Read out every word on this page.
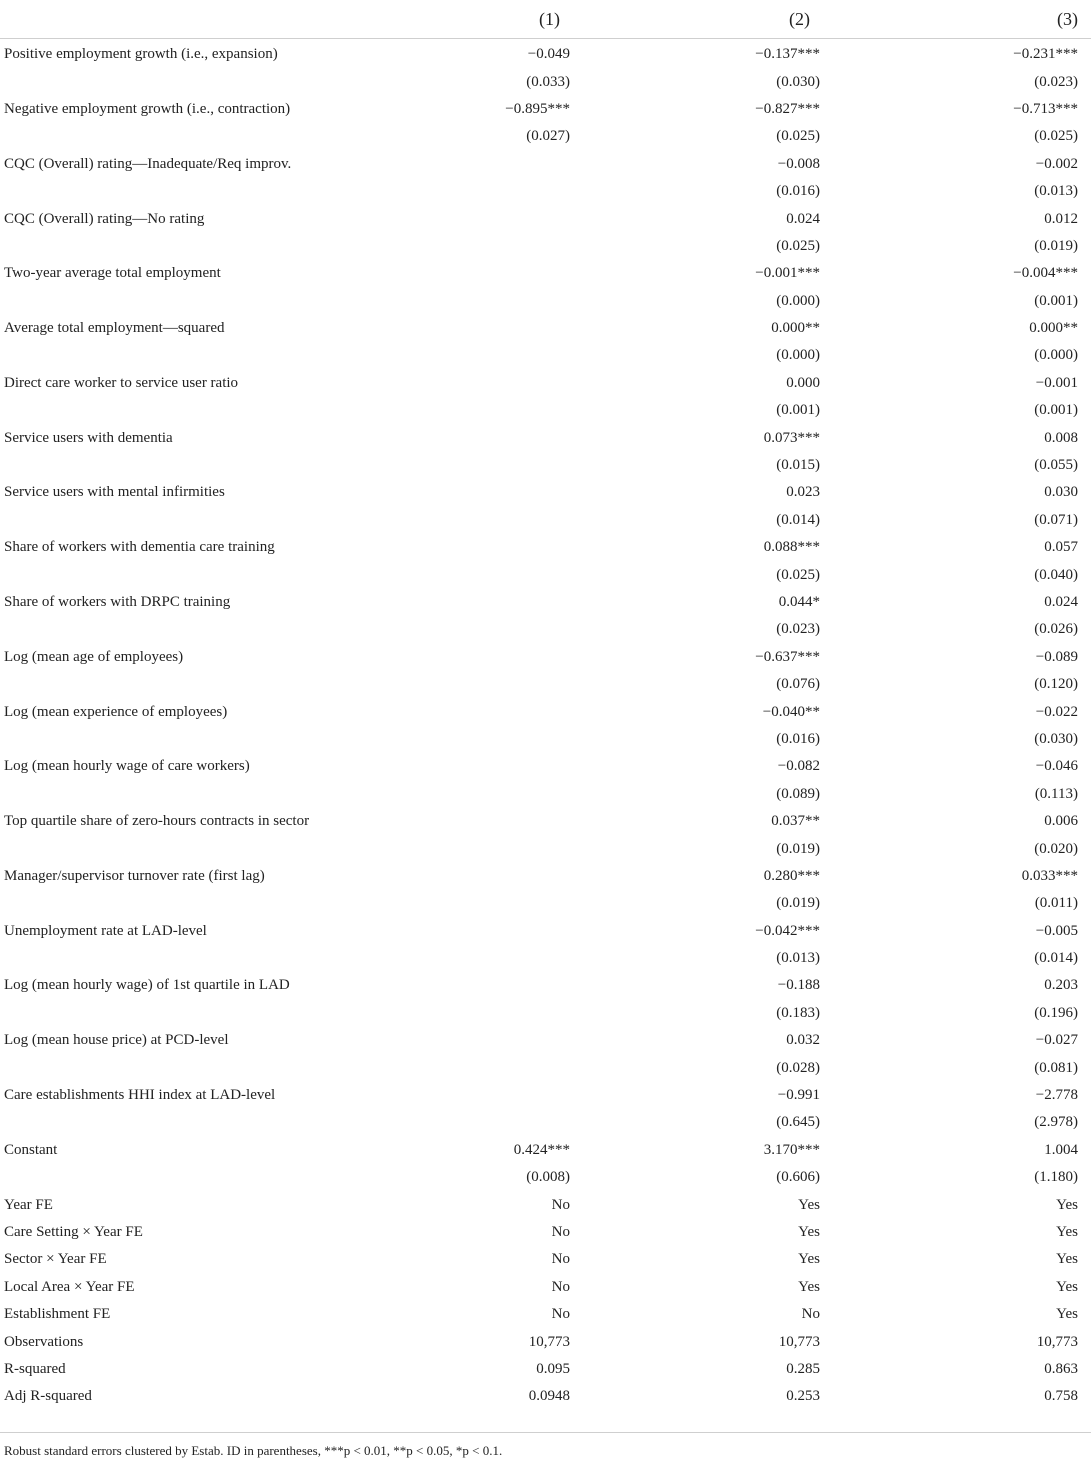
	(1)	(2)	(3)
Positive employment growth (i.e., expansion)	−0.049	−0.137***	−0.231***
	(0.033)	(0.030)	(0.023)
Negative employment growth (i.e., contraction)	−0.895***	−0.827***	−0.713***
	(0.027)	(0.025)	(0.025)
CQC (Overall) rating—Inadequate/Req improv.		−0.008	−0.002
		(0.016)	(0.013)
CQC (Overall) rating—No rating		0.024	0.012
		(0.025)	(0.019)
Two-year average total employment		−0.001***	−0.004***
		(0.000)	(0.001)
Average total employment—squared		0.000**	0.000**
		(0.000)	(0.000)
Direct care worker to service user ratio		0.000	−0.001
		(0.001)	(0.001)
Service users with dementia		0.073***	0.008
		(0.015)	(0.055)
Service users with mental infirmities		0.023	0.030
		(0.014)	(0.071)
Share of workers with dementia care training		0.088***	0.057
		(0.025)	(0.040)
Share of workers with DRPC training		0.044*	0.024
		(0.023)	(0.026)
Log (mean age of employees)		−0.637***	−0.089
		(0.076)	(0.120)
Log (mean experience of employees)		−0.040**	−0.022
		(0.016)	(0.030)
Log (mean hourly wage of care workers)		−0.082	−0.046
		(0.089)	(0.113)
Top quartile share of zero-hours contracts in sector		0.037**	0.006
		(0.019)	(0.020)
Manager/supervisor turnover rate (first lag)		0.280***	0.033***
		(0.019)	(0.011)
Unemployment rate at LAD-level		−0.042***	−0.005
		(0.013)	(0.014)
Log (mean hourly wage) of 1st quartile in LAD		−0.188	0.203
		(0.183)	(0.196)
Log (mean house price) at PCD-level		0.032	−0.027
		(0.028)	(0.081)
Care establishments HHI index at LAD-level		−0.991	−2.778
		(0.645)	(2.978)
Constant	0.424***	3.170***	1.004
	(0.008)	(0.606)	(1.180)
Year FE	No	Yes	Yes
Care Setting × Year FE	No	Yes	Yes
Sector × Year FE	No	Yes	Yes
Local Area × Year FE	No	Yes	Yes
Establishment FE	No	No	Yes
Observations	10,773	10,773	10,773
R-squared	0.095	0.285	0.863
Adj R-squared	0.0948	0.253	0.758
Robust standard errors clustered by Estab. ID in parentheses, ***p < 0.01, **p < 0.05, *p < 0.1.
